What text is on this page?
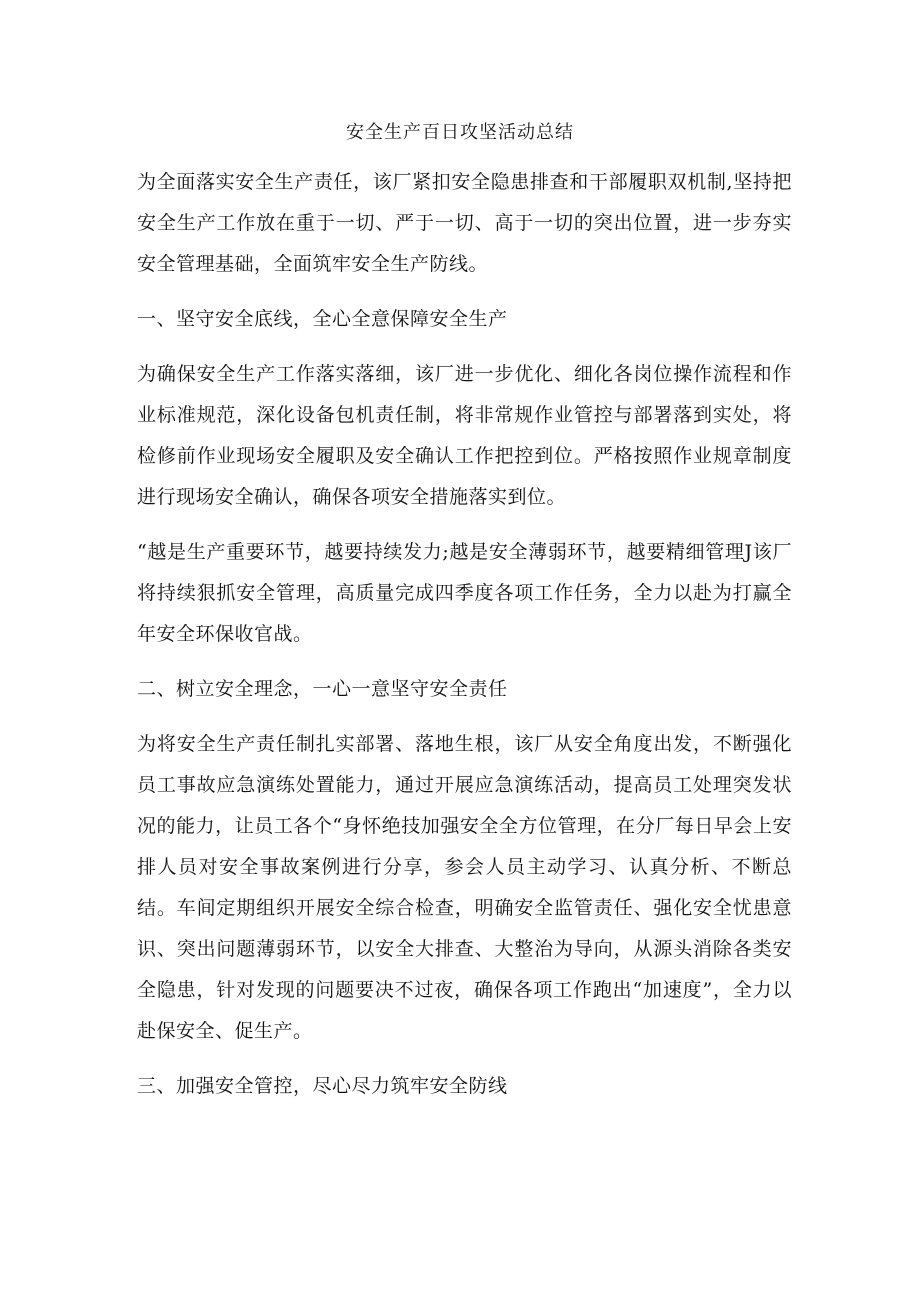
安全生产百日攻坚活动总结

为全面落实安全生产责任，该厂紧扣安全隐患排查和干部履职双机制,坚持把安全生产工作放在重于一切、严于一切、高于一切的突出位置，进一步夯实安全管理基础，全面筑牢安全生产防线。

一、坚守安全底线，全心全意保障安全生产

为确保安全生产工作落实落细，该厂进一步优化、细化各岗位操作流程和作业标准规范，深化设备包机责任制，将非常规作业管控与部署落到实处，将检修前作业现场安全履职及安全确认工作把控到位。严格按照作业规章制度进行现场安全确认，确保各项安全措施落实到位。

“越是生产重要环节，越要持续发力;越是安全薄弱环节，越要精细管理J该厂将持续狠抓安全管理，高质量完成四季度各项工作任务，全力以赴为打赢全年安全环保收官战。

二、树立安全理念，一心一意坚守安全责任

为将安全生产责任制扎实部署、落地生根，该厂从安全角度出发，不断强化员工事故应急演练处置能力，通过开展应急演练活动，提高员工处理突发状况的能力，让员工各个“身怀绝技加强安全全方位管理，在分厂每日早会上安排人员对安全事故案例进行分享，参会人员主动学习、认真分析、不断总结。车间定期组织开展安全综合检查，明确安全监管责任、强化安全忧患意识、突出问题薄弱环节，以安全大排查、大整治为导向，从源头消除各类安全隐患，针对发现的问题要决不过夜，确保各项工作跑出“加速度”，全力以赴保安全、促生产。

三、加强安全管控，尽心尽力筑牢安全防线
